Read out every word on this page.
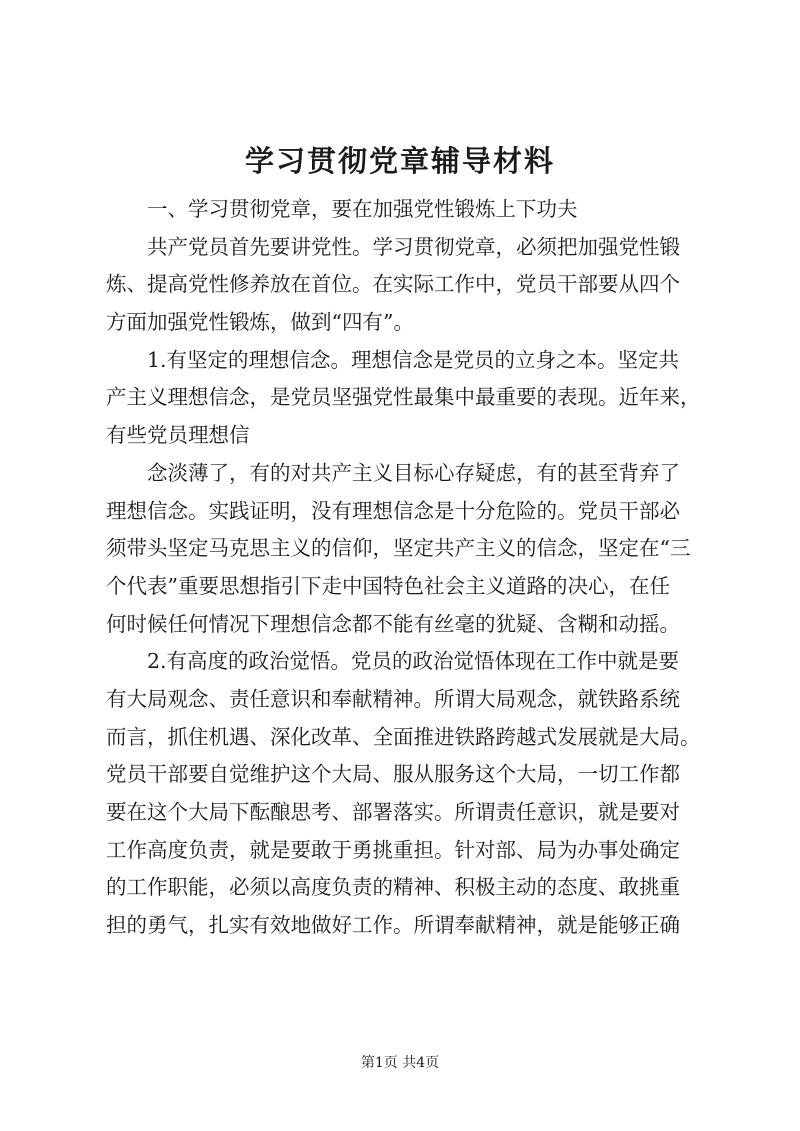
学习贯彻党章辅导材料
一、学习贯彻党章，要在加强党性锻炼上下功夫
共产党员首先要讲党性。学习贯彻党章，必须把加强党性锻
炼、提高党性修养放在首位。在实际工作中，党员干部要从四个
方面加强党性锻炼，做到“四有”。
1.有坚定的理想信念。理想信念是党员的立身之本。坚定共
产主义理想信念，是党员坚强党性最集中最重要的表现。近年来，
有些党员理想信
念淡薄了，有的对共产主义目标心存疑虑，有的甚至背弃了
理想信念。实践证明，没有理想信念是十分危险的。党员干部必
须带头坚定马克思主义的信仰，坚定共产主义的信念，坚定在“三
个代表”重要思想指引下走中国特色社会主义道路的决心，在任
何时候任何情况下理想信念都不能有丝毫的犹疑、含糊和动摇。
2.有高度的政治觉悟。党员的政治觉悟体现在工作中就是要
有大局观念、责任意识和奉献精神。所谓大局观念，就铁路系统
而言，抓住机遇、深化改革、全面推进铁路跨越式发展就是大局。
党员干部要自觉维护这个大局、服从服务这个大局，一切工作都
要在这个大局下酝酿思考、部署落实。所谓责任意识，就是要对
工作高度负责，就是要敢于勇挑重担。针对部、局为办事处确定
的工作职能，必须以高度负责的精神、积极主动的态度、敢挑重
担的勇气，扎实有效地做好工作。所谓奉献精神，就是能够正确
第1页 共4页
